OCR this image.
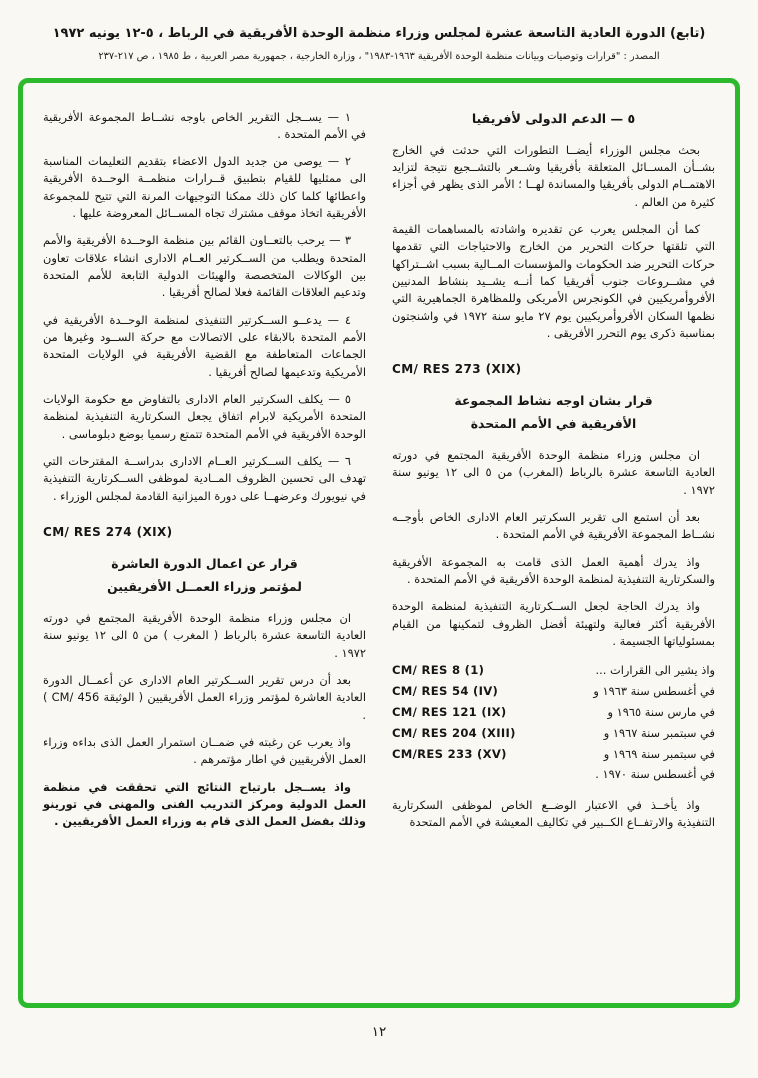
(تابع) الدورة العادية التاسعة عشرة لمجلس وزراء منظمة الوحدة الأفريقية في الرباط ، ٥-١٢ يونيه ١٩٧٢
المصدر : "قرارات وتوصيات وبيانات منظمة الوحدة الأفريقية ١٩٦٣-١٩٨٣" ، وزارة الخارجية ، جمهورية مصر العربية ، ط ١٩٨٥ ، ص ٢١٧-٢٣٧
٥ — الدعم الدولى لأفريقيا
بحث مجلس الوزراء أيضــا التطورات التي حدثت في الخارج بشــأن المســائل المتعلقة بأفريقيا وشــعر بالتشــجيع نتيجة لتزايد الاهتمــام الدولى بأفريقيا والمساندة لهــا ؛ الأمر الذى يظهر في أجزاء كثيرة من العالم .
كما أن المجلس يعرب عن تقديره واشادته بالمساهمات القيمة التي تلقتها حركات التحرير من الخارج والاحتياجات التي تقدمها حركات التحرير ضد الحكومات والمؤسسات المــالية بسبب اشــتراكها في مشــروعات جنوب أفريقيا كما أنــه يشــيد بنشاط المدنيين الأفروأمريكيين في الكونجرس الأمريكى وللمظاهرة الجماهيرية التي نظمها السكان الأفروأمريكيين يوم ٢٧ مايو سنة ١٩٧٢ في واشنجتون بمناسبة ذكرى يوم التحرر الأفريقى .
CM/ RES 273 (XIX)
قرار بشان اوجه نشاط المجموعة
الأفريقية في الأمم المتحدة
ان مجلس وزراء منظمة الوحدة الأفريقية المجتمع في دورته العادية التاسعة عشرة بالرباط (المغرب) من ٥ الى ١٢ يونيو سنة ١٩٧٢ .
بعد أن استمع الى تقرير السكرتير العام الادارى الخاص بأوجــه نشــاط المجموعة الأفريقية في الأمم المتحدة .
واذ يدرك أهمية العمل الذى قامت به المجموعة الأفريقية والسكرتارية التنفيذية لمنظمة الوحدة الأفريقية في الأمم المتحدة .
واذ يدرك الحاجة لجعل الســكرتارية التنفيذية لمنظمة الوحدة الأفريقية أكثر فعالية ولتهيئة أفضل الظروف لتمكينها من القيام بمسئولياتها الجسيمة .
واذ يشير الى القرارات ...
CM/ RES 8 (1)
في أغسطس سنة ١٩٦٣ و
CM/ RES 54 (IV)
في مارس سنة ١٩٦٥ و
CM/ RES 121 (IX)
في سبتمبر سنة ١٩٦٧ و
CM/ RES 204 (XIII)
في سبتمبر سنة ١٩٦٩ و
CM/RES 233 (XV)
في أغسطس سنة ١٩٧٠ .
واذ يأخــذ في الاعتبار الوضــع الخاص لموظفى السكرتارية التنفيذية والارتفــاع الكــبير في تكاليف المعيشة في الأمم المتحدة
١ — يســجل التقرير الخاص باوجه نشــاط المجموعة الأفريقية في الأمم المتحدة .
٢ — يوصى من جديد الدول الاعضاء بتقديم التعليمات المناسبة الى ممثليها للقيام بتطبيق قــرارات منظمــة الوحــدة الأفريقية واعطائها كلما كان ذلك ممكنا التوجيهات المرنة التي تتيح للمجموعة الأفريقية اتخاذ موقف مشترك تجاه المســائل المعروضة عليها .
٣ — يرحب بالتعــاون القائم بين منظمة الوحــدة الأفريقية والأمم المتحدة ويطلب من الســكرتير العــام الادارى انشاء علاقات تعاون بين الوكالات المتخصصة والهيئات الدولية التابعة للأمم المتحدة وتدعيم العلاقات القائمة فعلا لصالح أفريقيا .
٤ — يدعــو الســكرتير التنفيذى لمنظمة الوحــدة الأفريقية في الأمم المتحدة بالابقاء على الاتصالات مع حركة الســود وغيرها من الجماعات المتعاطفة مع القضية الأفريقية في الولايات المتحدة الأمريكية وتدعيمها لصالح أفريقيا .
٥ — يكلف السكرتير العام الادارى بالتفاوض مع حكومة الولايات المتحدة الأمريكية لابرام اتفاق يجعل السكرتارية التنفيذية لمنظمة الوحدة الأفريقية في الأمم المتحدة تتمتع رسميا بوضع دبلوماسى .
٦ — يكلف الســكرتير العــام الادارى بدراســة المقترحات التي تهدف الى تحسين الظروف المــادية لموظفى الســكرتارية التنفيذية في نيويورك وعرضهــا على دورة الميزانية القادمة لمجلس الوزراء .
CM/ RES 274 (XIX)
قرار عن اعمال الدورة العاشرة
لمؤتمر وزراء العمــل الأفريقيين
ان مجلس وزراء منظمة الوحدة الأفريقية المجتمع في دورته العادية التاسعة عشرة بالرباط ( المغرب ) من ٥ الى ١٢ يونيو سنة ١٩٧٢ .
بعد أن درس تقرير الســكرتير العام الادارى عن أعمــال الدورة العادية العاشرة لمؤتمر وزراء العمل الأفريقيين ( الوثيقة CM/ 456 ) .
واذ يعرب عن رغبته في ضمــان استمرار العمل الذى بداءه وزراء العمل الأفريقيين في اطار مؤتمرهم .
واذ يســجل بارتياح النتائج التي تحققت في منظمة العمل الدولية ومركز التدريب الفنى والمهنى في تورينو وذلك بفضل العمل الذى قام به وزراء العمل الأفريقيين .
١٢
